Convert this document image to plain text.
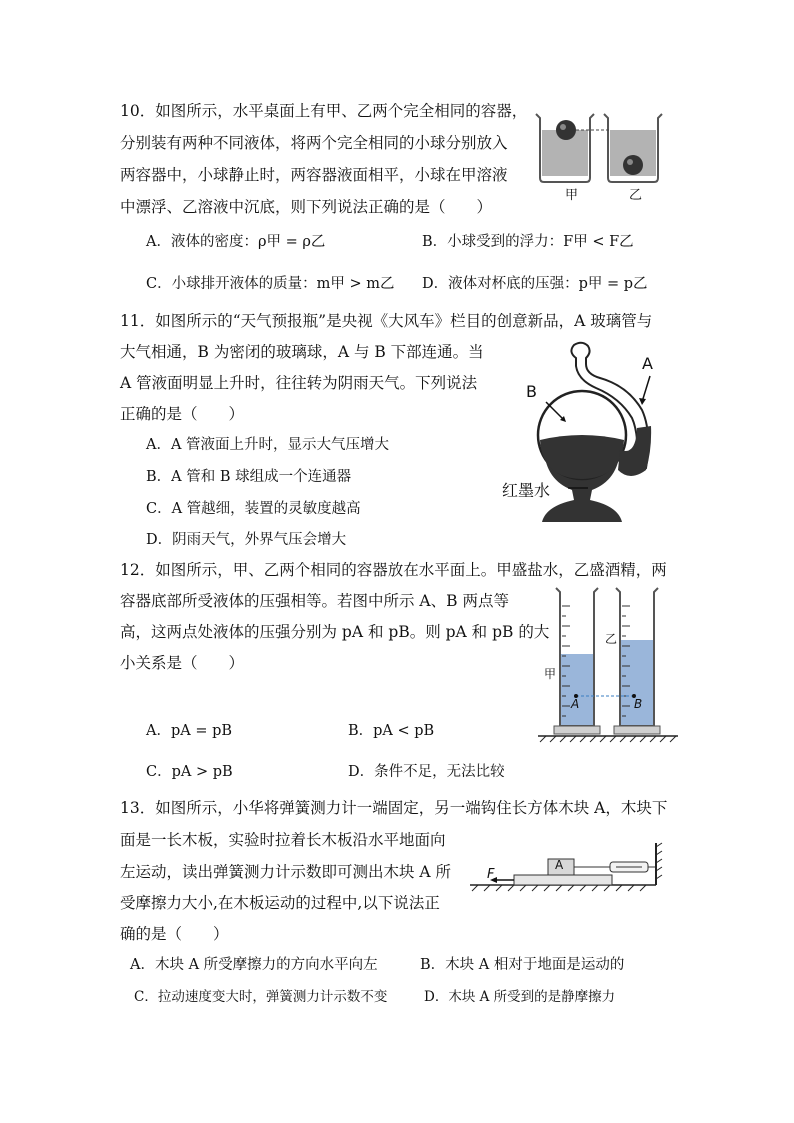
10．如图所示，水平桌面上有甲、乙两个完全相同的容器，
分别装有两种不同液体，将两个完全相同的小球分别放入
两容器中，小球静止时，两容器液面相平，小球在甲溶液
中漂浮、乙溶液中沉底，则下列说法正确的是（　　）
A．液体的密度：ρ甲 = ρ乙	B．小球受到的浮力：F甲 < F乙
C．小球排开液体的质量：m甲 > m乙 D．液体对杯底的压强：p甲 = p乙
甲	乙
11．如图所示的“天气预报瓶”是央视《大风车》栏目的创意新品，A 玻璃管与
大气相通，B 为密闭的玻璃球，A 与 B 下部连通。当
A 管液面明显上升时，往往转为阴雨天气。下列说法
正确的是（　　）
A．A 管液面上升时，显示大气压增大
B．A 管和 B 球组成一个连通器
C．A 管越细，装置的灵敏度越高
D．阴雨天气，外界气压会增大
A
B
红墨水
12．如图所示，甲、乙两个相同的容器放在水平面上。甲盛盐水，乙盛酒精，两
容器底部所受液体的压强相等。若图中所示 A、B 两点等
高，这两点处液体的压强分别为 pA 和 pB。则 pA 和 pB 的大
小关系是（　　）
A．pA = pB	B．pA < pB
C．pA > pB	D．条件不足，无法比较
甲
乙
A	B
13．如图所示，小华将弹簧测力计一端固定，另一端钩住长方体木块 A，木块下
面是一长木板，实验时拉着长木板沿水平地面向
左运动，读出弹簧测力计示数即可测出木块 A 所
受摩擦力大小,在木板运动的过程中,以下说法正
确的是（　　）
A．木块 A 所受摩擦力的方向水平向左	B．木块 A 相对于地面是运动的
C．拉动速度变大时，弹簧测力计示数不变	D．木块 A 所受到的是静摩擦力
A
F
